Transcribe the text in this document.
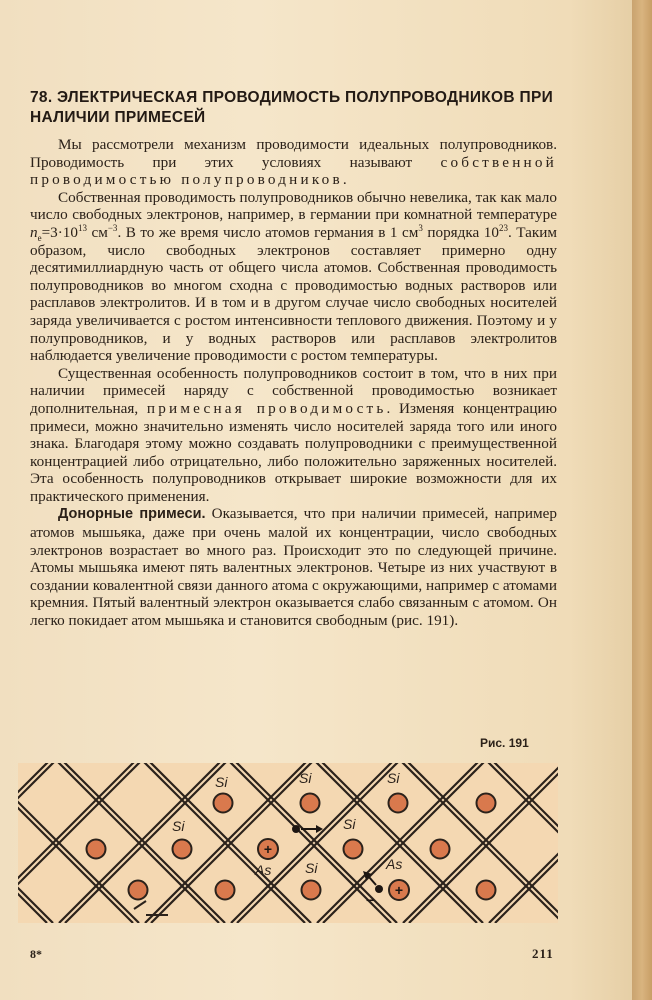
78. ЭЛЕКТРИЧЕСКАЯ ПРОВОДИМОСТЬ ПОЛУПРОВОДНИКОВ ПРИ НАЛИЧИИ ПРИМЕСЕЙ

Мы рассмотрели механизм проводимости идеальных полупроводников. Проводимость при этих условиях называют собственной проводимостью полупроводников.

Собственная проводимость полупроводников обычно невелика, так как мало число свободных электронов, например, в германии при комнатной температуре $n_e=3\cdot 10^{13}$ $см^{-3}$. В то же время число атомов германия в 1 $см^3$ порядка $10^{23}$. Таким образом, число свободных электронов составляет примерно одну десятимиллиардную часть от общего числа атомов. Собственная проводимость полупроводников во многом сходна с проводимостью водных растворов или расплавов электролитов. И в том и в другом случае число свободных носителей заряда увеличивается с ростом интенсивности теплового движения. Поэтому и у полупроводников, и у водных растворов или расплавов электролитов наблюдается увеличение проводимости с ростом температуры.

Существенная особенность полупроводников состоит в том, что в них при наличии примесей наряду с собственной проводимостью возникает дополнительная, примесная проводимость. Изменяя концентрацию примеси, можно значительно изменять число носителей заряда того или иного знака. Благодаря этому можно создавать полупроводники с преимущественной концентрацией либо отрицательно, либо положительно заряженных носителей. Эта особенность полупроводников открывает широкие возможности для их практического применения.

Донорные примеси. Оказывается, что при наличии примесей, например атомов мышьяка, даже при очень малой их концентрации, число свободных электронов возрастает во много раз. Происходит это по следующей причине. Атомы мышьяка имеют пять валентных электронов. Четыре из них участвуют в создании ковалентной связи данного атома с окружающими, например с атомами кремния. Пятый валентный электрон оказывается слабо связанным с атомом. Он легко покидает атом мышьяка и становится свободным (рис. 191).

Рис. 191
Si	Si	Si
Si	Si
Si
As	As
+
+
−
8*	211
